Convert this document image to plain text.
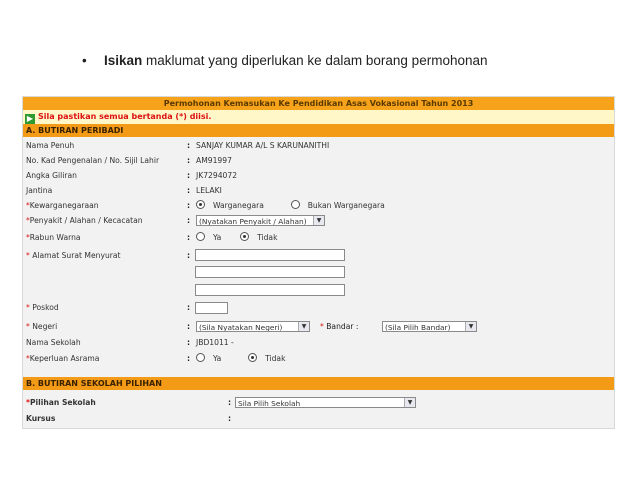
• Isikan maklumat yang diperlukan ke dalam borang permohonan
Permohonan Kemasukan Ke Pendidikan Asas Vokasional Tahun 2013
▶ Sila pastikan semua bertanda (*) diisi.
A. BUTIRAN PERIBADI
Nama Penuh	: SANJAY KUMAR A/L S KARUNANITHI
No. Kad Pengenalan / No. Sijil Lahir	: AM91997
Angka Giliran	: JK7294072
Jantina	: LELAKI
*Kewarganegaraan	:	Warganegara	Bukan Warganegara
*Penyakit / Alahan / Kecacatan	:	(Nyatakan Penyakit / Alahan)	▼
*Rabun Warna	:	Ya	Tidak
* Alamat Surat Menyurat	:
* Poskod	:
* Negeri	:	(Sila Nyatakan Negeri)	▼	* Bandar :	(Sila Pilih Bandar)	▼
Nama Sekolah	: JBD1011 -
*Keperluan Asrama	:	Ya	Tidak
B. BUTIRAN SEKOLAH PILIHAN
*Pilihan Sekolah	: Sila Pilih Sekolah	▼
Kursus	:
